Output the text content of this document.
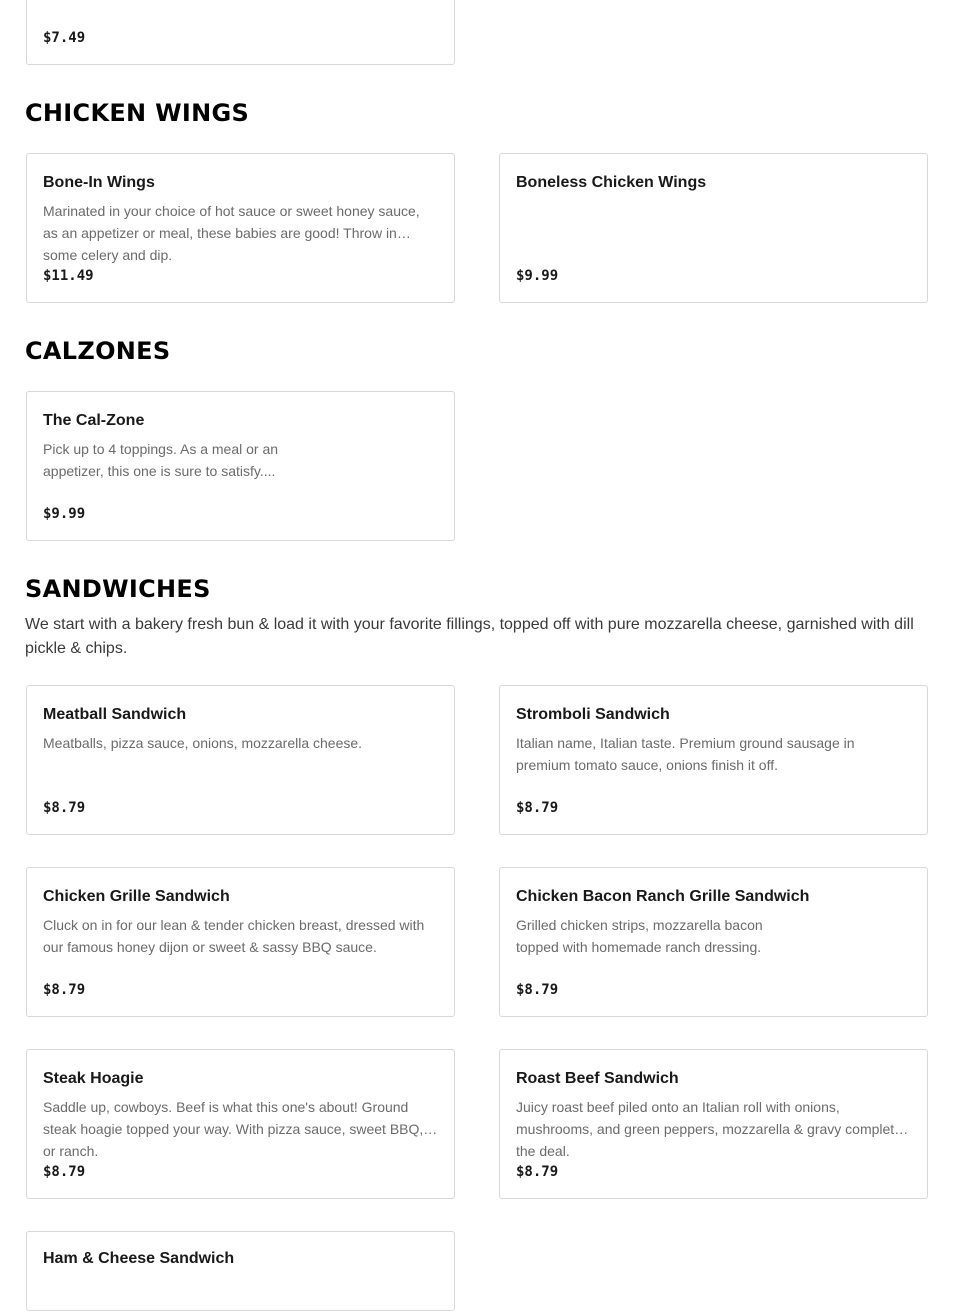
$7.49
CHICKEN WINGS
Bone-In Wings
Marinated in your choice of hot sauce or sweet honey sauce, as an appetizer or meal, these babies are good! Throw in some celery and dip.
$11.49
Boneless Chicken Wings
$9.99
CALZONES
The Cal-Zone
Pick up to 4 toppings. As a meal or an appetizer, this one is sure to satisfy....
$9.99
SANDWICHES

We start with a bakery fresh bun & load it with your favorite fillings, topped off with pure mozzarella cheese, garnished with dill pickle & chips.

Meatball Sandwich
Meatballs, pizza sauce, onions, mozzarella cheese.
$8.79
Stromboli Sandwich
Italian name, Italian taste. Premium ground sausage in premium tomato sauce, onions finish it off.
$8.79
Chicken Grille Sandwich
Cluck on in for our lean & tender chicken breast, dressed with our famous honey dijon or sweet & sassy BBQ sauce.
$8.79
Chicken Bacon Ranch Grille Sandwich
Grilled chicken strips, mozzarella bacon topped with homemade ranch dressing.
$8.79
Steak Hoagie
Saddle up, cowboys. Beef is what this one's about! Ground steak hoagie topped your way. With pizza sauce, sweet BBQ, or ranch.
$8.79
Roast Beef Sandwich
Juicy roast beef piled onto an Italian roll with onions, mushrooms, and green peppers, mozzarella & gravy complete the deal.
$8.79
Ham & Cheese Sandwich
